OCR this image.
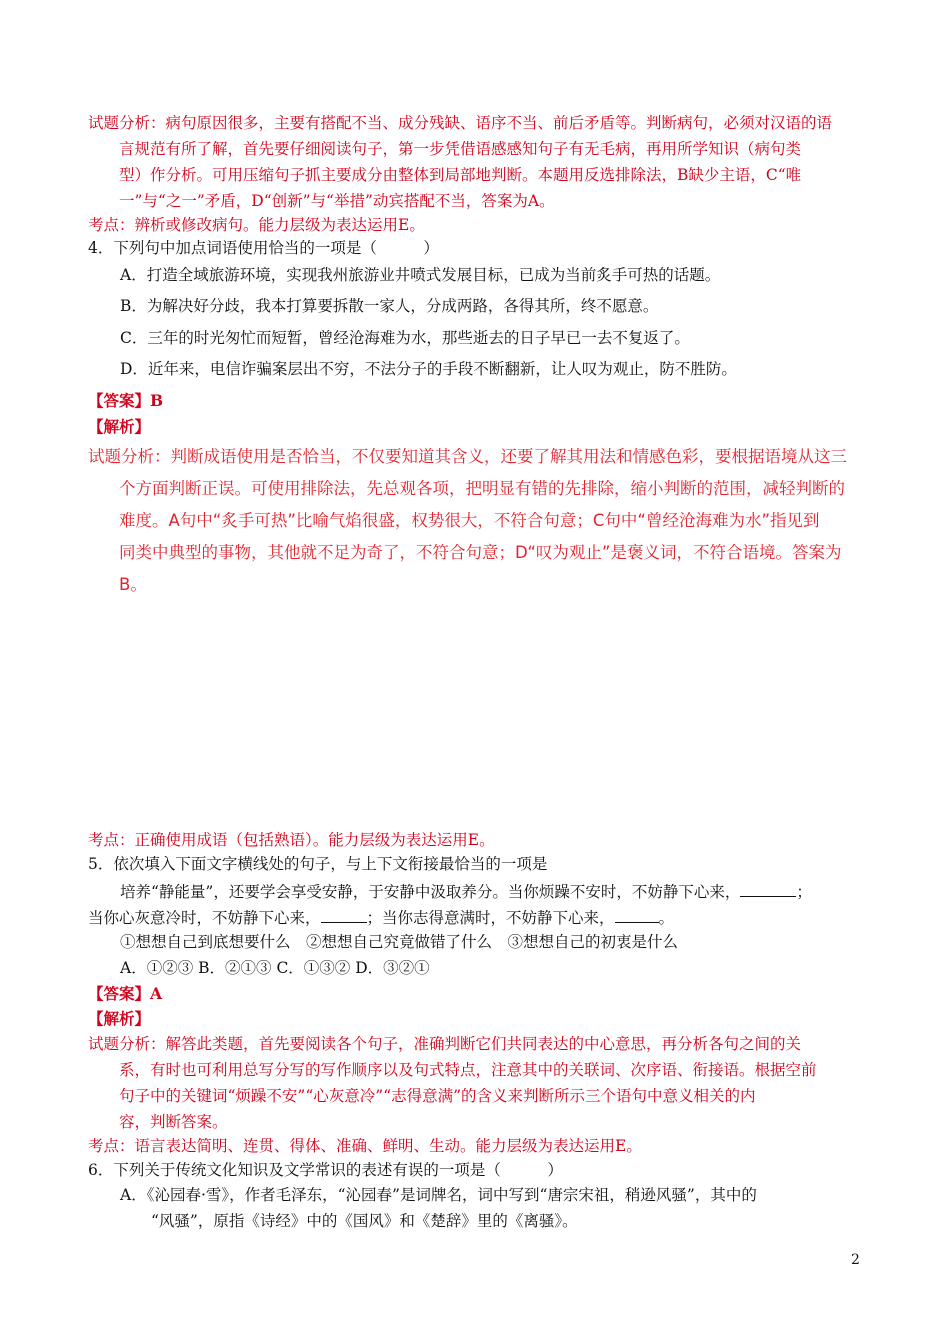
试题分析：病句原因很多，主要有搭配不当、成分残缺、语序不当、前后矛盾等。判断病句，必须对汉语的语
言规范有所了解，首先要仔细阅读句子，第一步凭借语感感知句子有无毛病，再用所学知识（病句类
型）作分析。可用压缩句子抓主要成分由整体到局部地判断。本题用反选排除法，B缺少主语，C“唯
一”与“之一”矛盾，D“创新”与“举措”动宾搭配不当，答案为A。
考点：辨析或修改病句。能力层级为表达运用E。
4．下列句中加点词语使用恰当的一项是（　　　）
A．打造全域旅游环境，实现我州旅游业井喷式发展目标，已成为当前炙手可热的话题。
B．为解决好分歧，我本打算要拆散一家人，分成两路，各得其所，终不愿意。
C．三年的时光匆忙而短暂，曾经沧海难为水，那些逝去的日子早已一去不复返了。
D．近年来，电信诈骗案层出不穷，不法分子的手段不断翻新，让人叹为观止，防不胜防。
【答案】B
【解析】
试题分析：判断成语使用是否恰当，不仅要知道其含义，还要了解其用法和情感色彩，要根据语境从这三
个方面判断正误。可使用排除法，先总观各项，把明显有错的先排除，缩小判断的范围，减轻判断的
难度。A句中“炙手可热”比喻气焰很盛，权势很大，不符合句意；C句中“曾经沧海难为水”指见到
同类中典型的事物，其他就不足为奇了，不符合句意；D“叹为观止”是褒义词，不符合语境。答案为
B。
考点：正确使用成语（包括熟语）。能力层级为表达运用E。
5．依次填入下面文字横线处的句子，与上下文衔接最恰当的一项是
培养“静能量”，还要学会享受安静，于安静中汲取养分。当你烦躁不安时，不妨静下心来，	；
当你心灰意冷时，不妨静下心来，	；当你志得意满时，不妨静下心来，	。
①想想自己到底想要什么　②想想自己究竟做错了什么　③想想自己的初衷是什么
A．①②③ B．②①③ C．①③② D．③②①
【答案】A
【解析】
试题分析：解答此类题，首先要阅读各个句子，准确判断它们共同表达的中心意思，再分析各句之间的关
系，有时也可利用总写分写的写作顺序以及句式特点，注意其中的关联词、次序语、衔接语。根据空前
句子中的关键词“烦躁不安”“心灰意冷”“志得意满”的含义来判断所示三个语句中意义相关的内
容，判断答案。
考点：语言表达简明、连贯、得体、准确、鲜明、生动。能力层级为表达运用E。
6．下列关于传统文化知识及文学常识的表述有误的一项是（　　　）
A．《沁园春·雪》，作者毛泽东，“沁园春”是词牌名，词中写到“唐宗宋祖，稍逊风骚”，其中的
“风骚”，原指《诗经》中的《国风》和《楚辞》里的《离骚》。
2
